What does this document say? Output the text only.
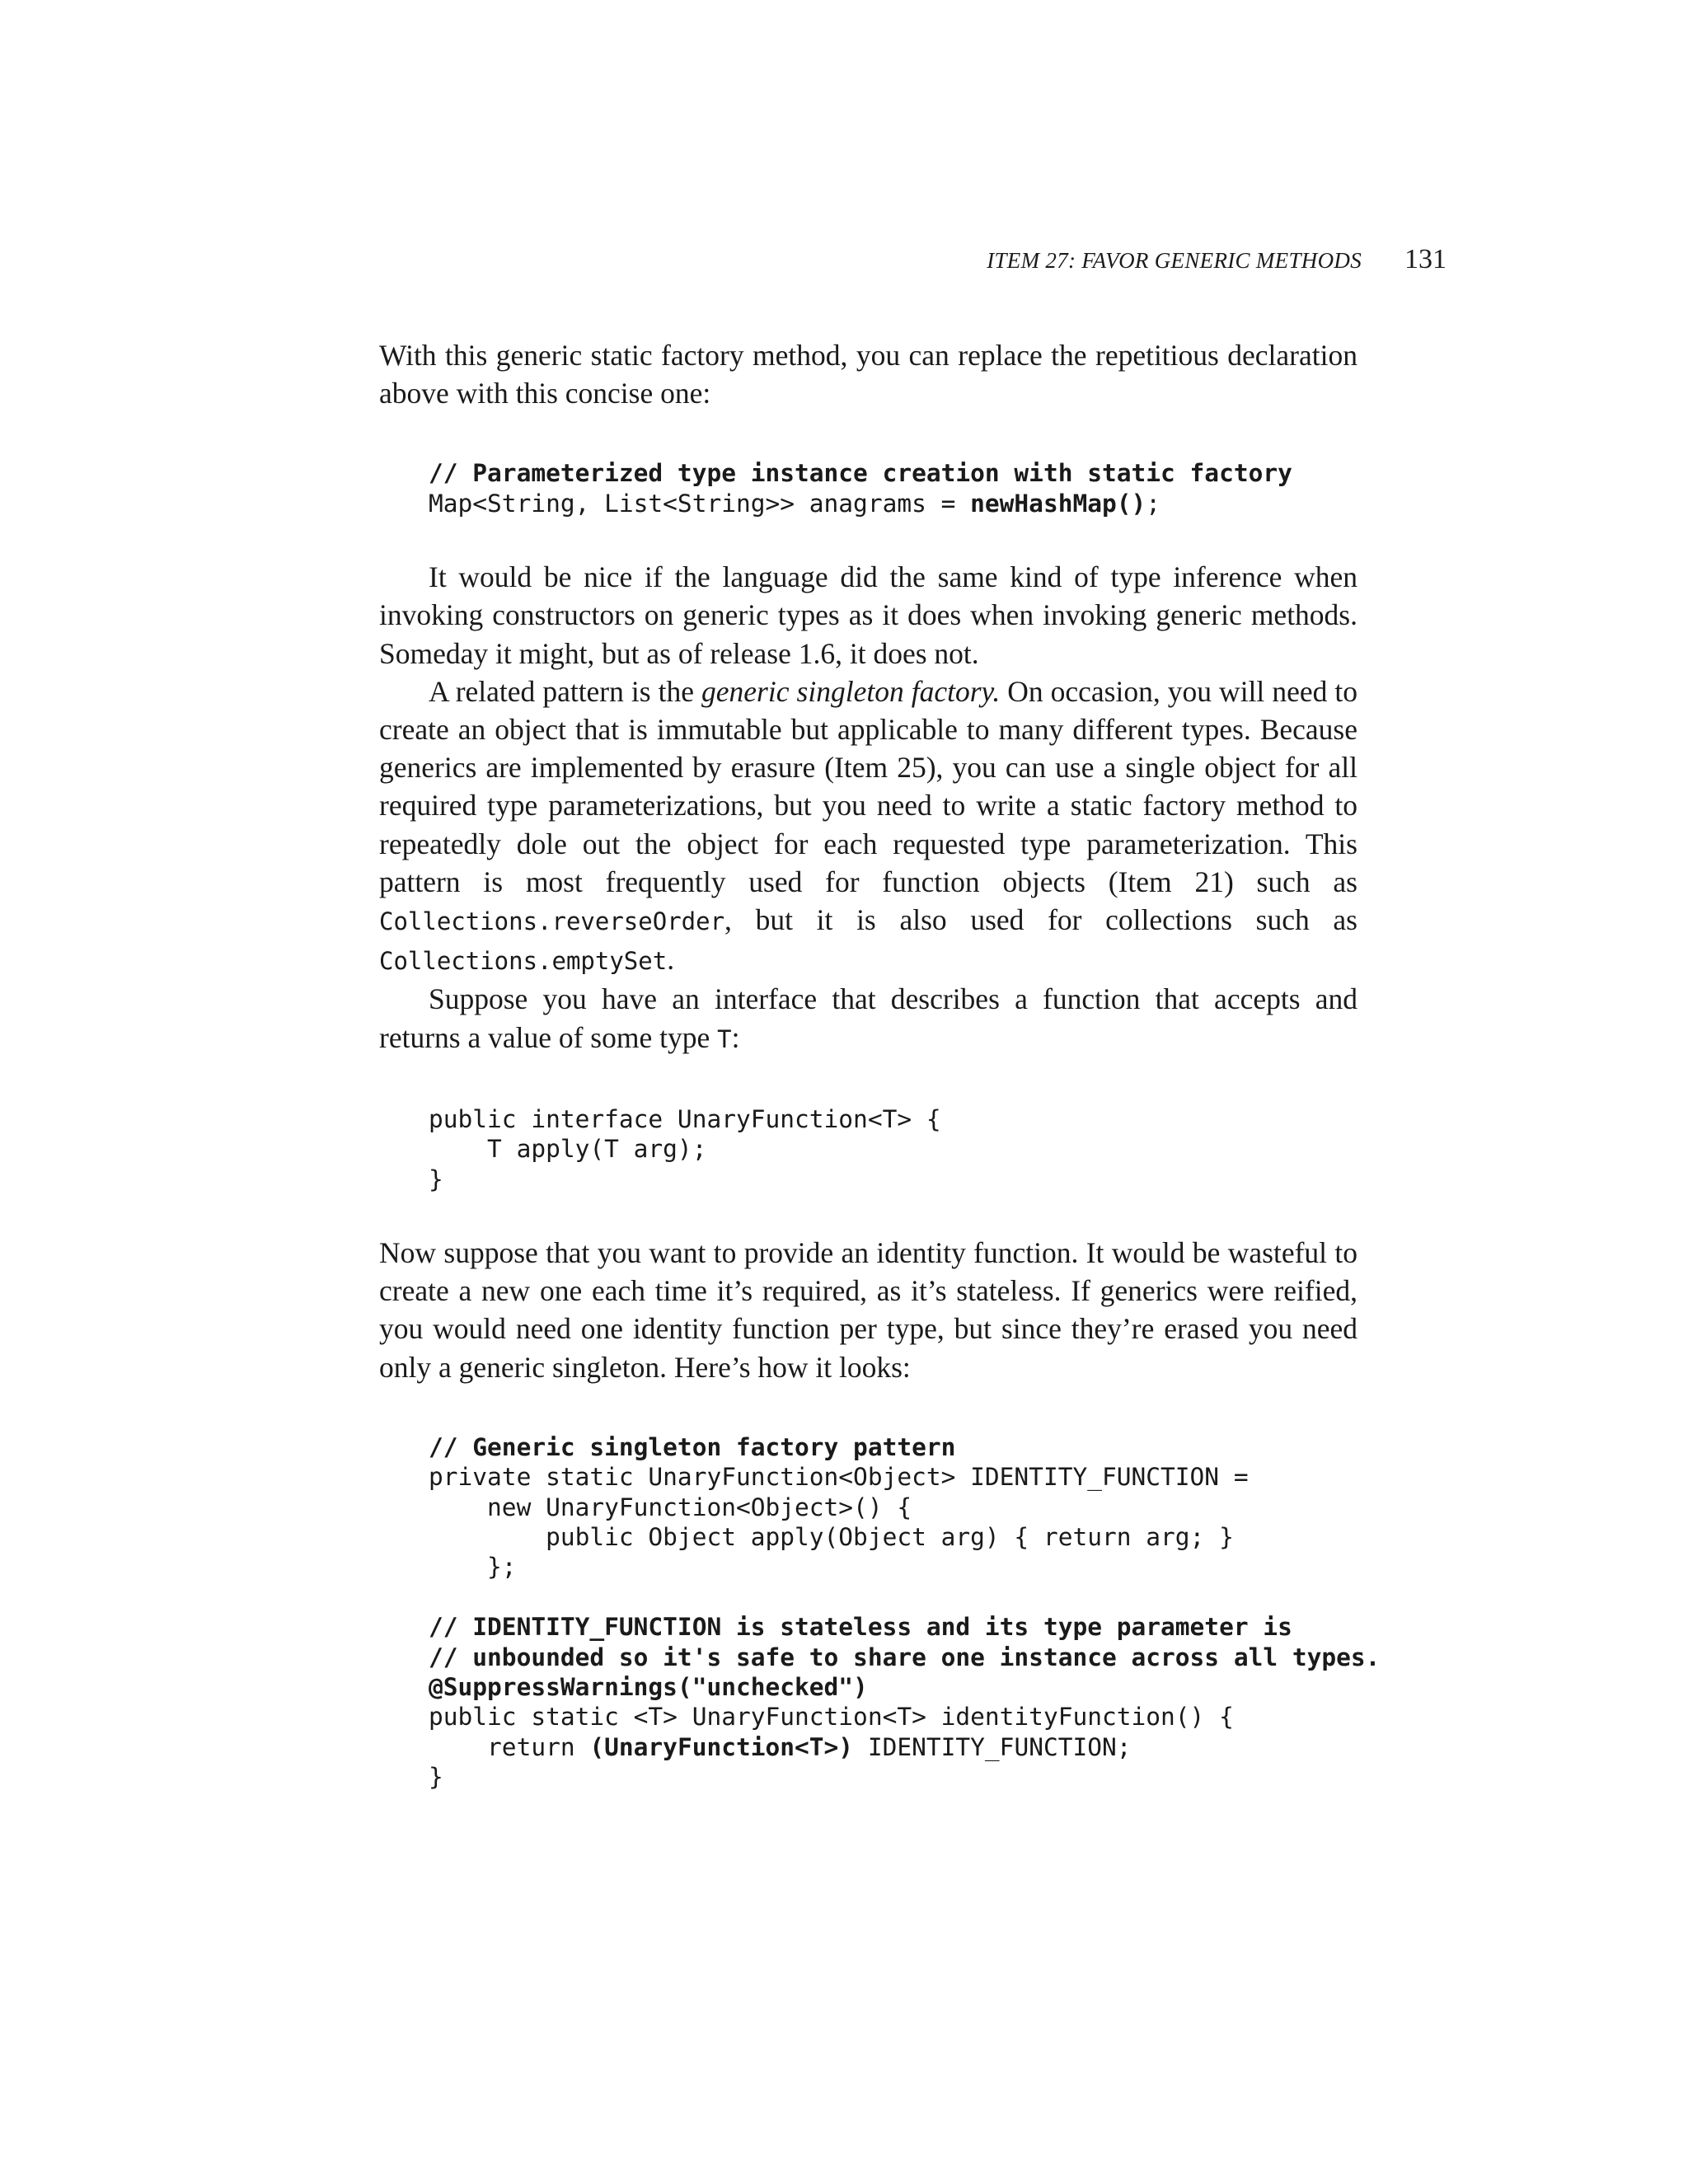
ITEM 27: FAVOR GENERIC METHODS 131

With this generic static factory method, you can replace the repetitious declaration above with this concise one:

// Parameterized type instance creation with static factory
Map<String, List<String>> anagrams = newHashMap();

It would be nice if the language did the same kind of type inference when invoking constructors on generic types as it does when invoking generic methods. Someday it might, but as of release 1.6, it does not.

A related pattern is the generic singleton factory. On occasion, you will need to create an object that is immutable but applicable to many different types. Because generics are implemented by erasure (Item 25), you can use a single object for all required type parameterizations, but you need to write a static factory method to repeatedly dole out the object for each requested type parameterization. This pattern is most frequently used for function objects (Item 21) such as Collections.reverseOrder, but it is also used for collections such as Collections.emptySet.

Suppose you have an interface that describes a function that accepts and returns a value of some type T:

public interface UnaryFunction<T> {
T apply(T arg);
}

Now suppose that you want to provide an identity function. It would be wasteful to create a new one each time it’s required, as it’s stateless. If generics were reified, you would need one identity function per type, but since they’re erased you need only a generic singleton. Here’s how it looks:

// Generic singleton factory pattern
private static UnaryFunction<Object> IDENTITY_FUNCTION =
new UnaryFunction<Object>() {
public Object apply(Object arg) { return arg; }
};
// IDENTITY_FUNCTION is stateless and its type parameter is
// unbounded so it's safe to share one instance across all types.
@SuppressWarnings("unchecked")
public static <T> UnaryFunction<T> identityFunction() {
return (UnaryFunction<T>) IDENTITY_FUNCTION;
}
